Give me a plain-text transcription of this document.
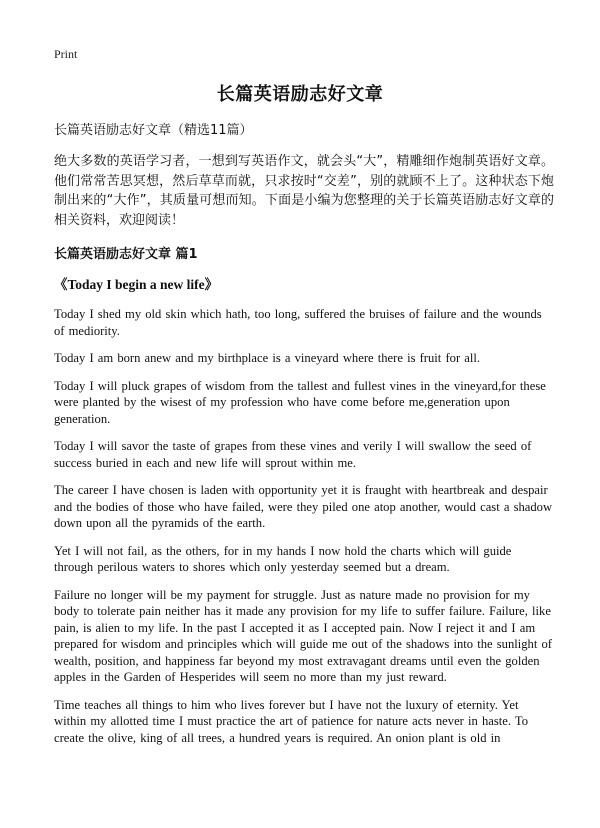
Print
长篇英语励志好文章

长篇英语励志好文章（精选11篇）

绝大多数的英语学习者，一想到写英语作文，就会头“大”，精雕细作炮制英语好文章。他们常常苦思冥想，然后草草而就，只求按时“交差”，别的就顾不上了。这种状态下炮制出来的“大作”，其质量可想而知。下面是小编为您整理的关于长篇英语励志好文章的相关资料，欢迎阅读！

长篇英语励志好文章 篇1

《Today I begin a new life》

Today I shed my old skin which hath, too long, suffered the bruises of failure and the wounds of mediority.

Today I am born anew and my birthplace is a vineyard where there is fruit for all.

Today I will pluck grapes of wisdom from the tallest and fullest vines in the vineyard,for these were planted by the wisest of my profession who have come before me,generation upon generation.

Today I will savor the taste of grapes from these vines and verily I will swallow the seed of success buried in each and new life will sprout within me.

The career I have chosen is laden with opportunity yet it is fraught with heartbreak and despair and the bodies of those who have failed, were they piled one atop another, would cast a shadow down upon all the pyramids of the earth.

Yet I will not fail, as the others, for in my hands I now hold the charts which will guide through perilous waters to shores which only yesterday seemed but a dream.

Failure no longer will be my payment for struggle. Just as nature made no provision for my body to tolerate pain neither has it made any provision for my life to suffer failure. Failure, like pain, is alien to my life. In the past I accepted it as I accepted pain. Now I reject it and I am prepared for wisdom and principles which will guide me out of the shadows into the sunlight of wealth, position, and happiness far beyond my most extravagant dreams until even the golden apples in the Garden of Hesperides will seem no more than my just reward.

Time teaches all things to him who lives forever but I have not the luxury of eternity. Yet within my allotted time I must practice the art of patience for nature acts never in haste. To create the olive, king of all trees, a hundred years is required. An onion plant is old in
